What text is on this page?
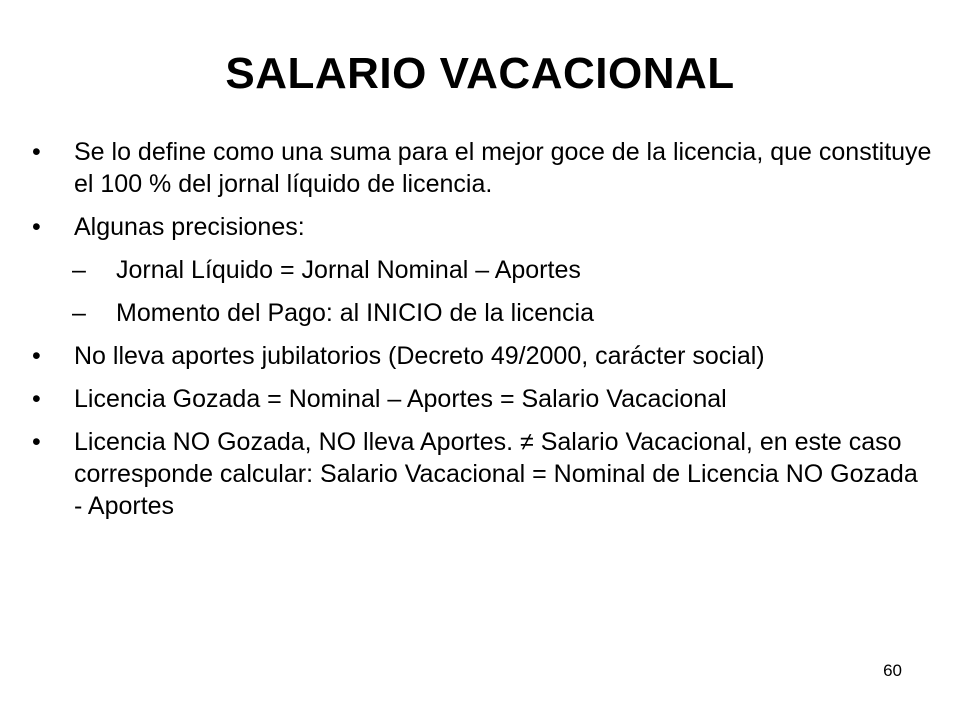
SALARIO VACACIONAL
• Se lo define como una suma para el mejor goce de la licencia, que constituye el 100 % del jornal líquido de licencia.
• Algunas precisiones:
– Jornal Líquido = Jornal Nominal – Aportes
– Momento del Pago: al INICIO de la licencia
• No lleva aportes jubilatorios (Decreto 49/2000, carácter social)
• Licencia Gozada = Nominal – Aportes = Salario Vacacional
• Licencia NO Gozada, NO lleva Aportes. ≠ Salario Vacacional, en este caso corresponde calcular: Salario Vacacional = Nominal de Licencia NO Gozada - Aportes
60
